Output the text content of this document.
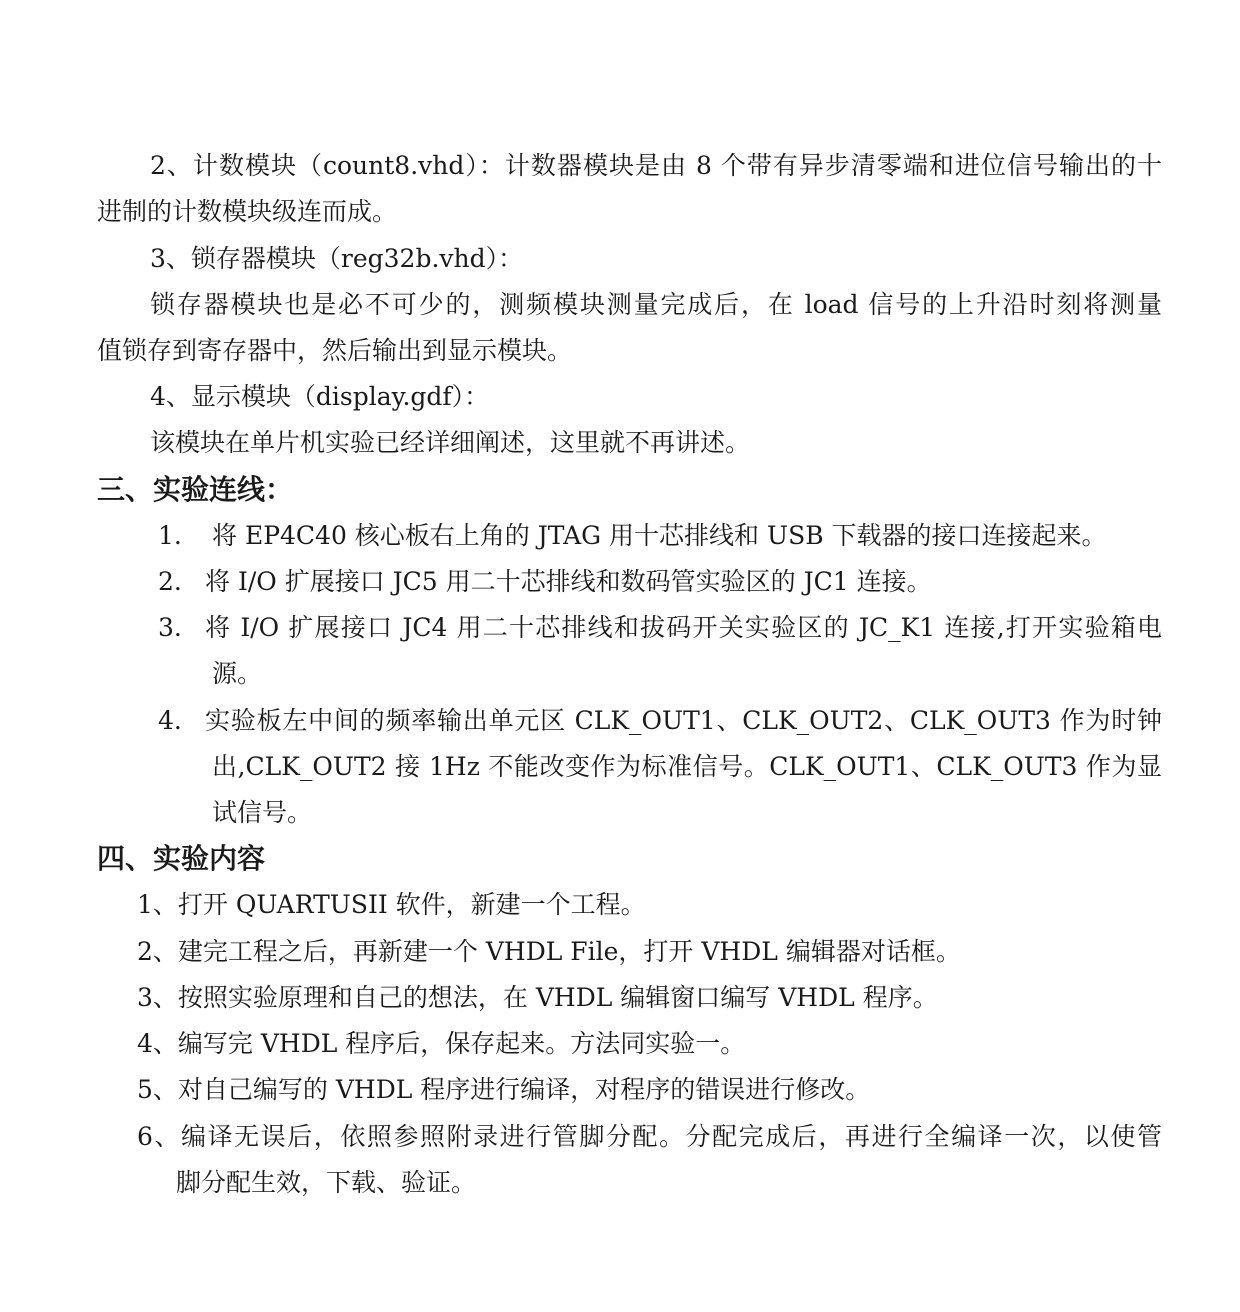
2、计数模块（count8.vhd）：计数器模块是由 8 个带有异步清零端和进位信号输出的十
进制的计数模块级连而成。
3、锁存器模块（reg32b.vhd）：
锁存器模块也是必不可少的，测频模块测量完成后，在 load 信号的上升沿时刻将测量
值锁存到寄存器中，然后输出到显示模块。
4、显示模块（display.gdf）：
该模块在单片机实验已经详细阐述，这里就不再讲述。
三、实验连线：
1. 将 EP4C40 核心板右上角的 JTAG 用十芯排线和 USB 下载器的接口连接起来。
2. 将 I/O 扩展接口 JC5 用二十芯排线和数码管实验区的 JC1 连接。
3. 将 I/O 扩展接口 JC4 用二十芯排线和拔码开关实验区的 JC_K1 连接,打开实验箱电
源。
4. 实验板左中间的频率输出单元区 CLK_OUT1、CLK_OUT2、CLK_OUT3 作为时钟
出,CLK_OUT2 接 1Hz 不能改变作为标准信号。CLK_OUT1、CLK_OUT3 作为显
试信号。
四、实验内容
1、打开 QUARTUSII 软件，新建一个工程。
2、建完工程之后，再新建一个 VHDL File，打开 VHDL 编辑器对话框。
3、按照实验原理和自己的想法，在 VHDL 编辑窗口编写 VHDL 程序。
4、编写完 VHDL 程序后，保存起来。方法同实验一。
5、对自己编写的 VHDL 程序进行编译，对程序的错误进行修改。
6、编译无误后，依照参照附录进行管脚分配。分配完成后，再进行全编译一次，以使管
脚分配生效，下载、验证。
